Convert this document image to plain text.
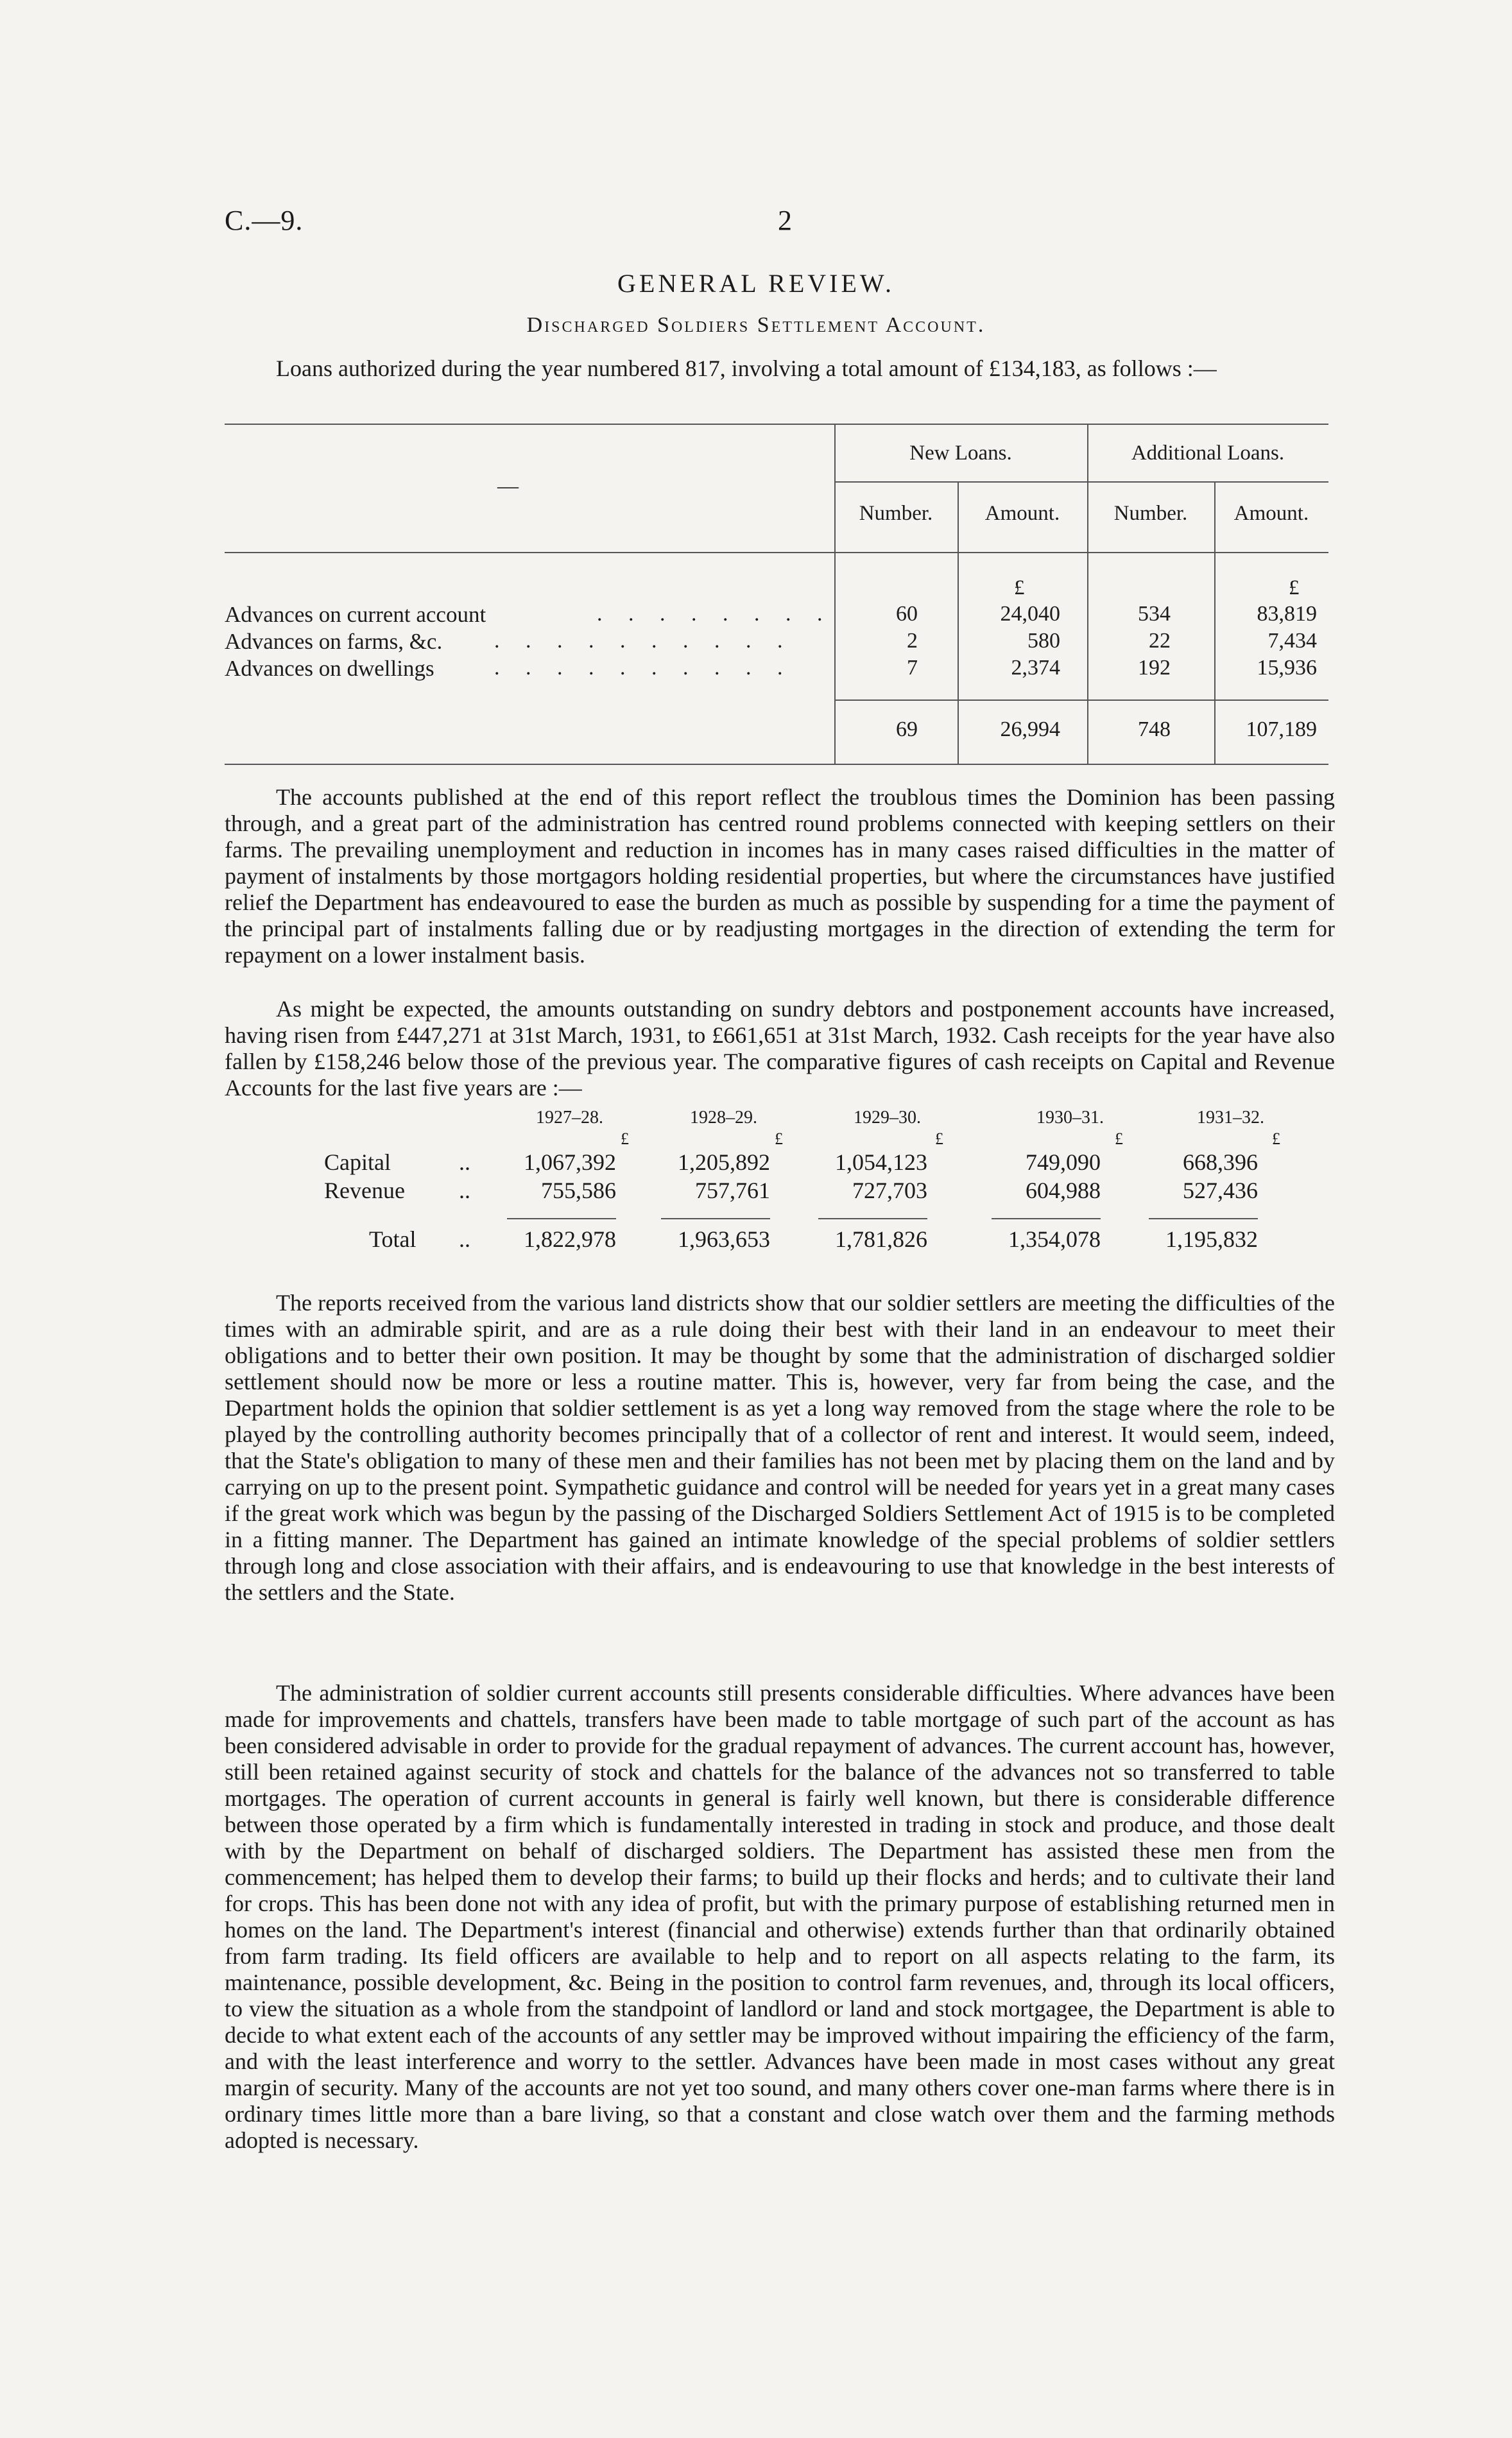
C.—9.	2
GENERAL REVIEW.
Discharged Soldiers Settlement Account.
Loans authorized during the year numbered 817, involving a total amount of £134,183, as follows :—
—
New Loans.	Additional Loans.
Number.	Amount.	Number.	Amount.
£	£
Advances on current account	. . . . . . . .	60	24,040	534	83,819
Advances on farms, &c. . . . . . . . . . .	2	580	22	7,434
Advances on dwellings	. . . . . . . . . .	7	2,374	192	15,936
69	26,994	748	107,189
The accounts published at the end of this report reflect the troublous times the Dominion has been passing through, and a great part of the administration has centred round problems connected with keeping settlers on their farms. The prevailing unemployment and reduction in incomes has in many cases raised difficulties in the matter of payment of instalments by those mortgagors holding residential properties, but where the circumstances have justified relief the Department has endeavoured to ease the burden as much as possible by suspending for a time the payment of the principal part of instalments falling due or by readjusting mortgages in the direction of extending the term for repayment on a lower instalment basis.
As might be expected, the amounts outstanding on sundry debtors and postponement accounts have increased, having risen from £447,271 at 31st March, 1931, to £661,651 at 31st March, 1932. Cash receipts for the year have also fallen by £158,246 below those of the previous year. The comparative figures of cash receipts on Capital and Revenue Accounts for the last five years are :—
1927–28.	1928–29.	1929–30.	1930–31.	1931–32.
£	£	£	£	£
Capital	..	1,067,392	1,205,892	1,054,123	749,090	668,396
Revenue ..	755,586	757,761	727,703	604,988	527,436
Total ..	1,822,978	1,963,653	1,781,826	1,354,078	1,195,832
The reports received from the various land districts show that our soldier settlers are meeting the difficulties of the times with an admirable spirit, and are as a rule doing their best with their land in an endeavour to meet their obligations and to better their own position. It may be thought by some that the administration of discharged soldier settlement should now be more or less a routine matter. This is, however, very far from being the case, and the Department holds the opinion that soldier settlement is as yet a long way removed from the stage where the role to be played by the controlling authority becomes principally that of a collector of rent and interest. It would seem, indeed, that the State's obligation to many of these men and their families has not been met by placing them on the land and by carrying on up to the present point. Sympathetic guidance and control will be needed for years yet in a great many cases if the great work which was begun by the passing of the Discharged Soldiers Settlement Act of 1915 is to be completed in a fitting manner. The Department has gained an intimate knowledge of the special problems of soldier settlers through long and close association with their affairs, and is endeavouring to use that knowledge in the best interests of the settlers and the State.
The administration of soldier current accounts still presents considerable difficulties. Where advances have been made for improvements and chattels, transfers have been made to table mortgage of such part of the account as has been considered advisable in order to provide for the gradual repayment of advances. The current account has, however, still been retained against security of stock and chattels for the balance of the advances not so transferred to table mortgages. The operation of current accounts in general is fairly well known, but there is considerable difference between those operated by a firm which is fundamentally interested in trading in stock and produce, and those dealt with by the Department on behalf of discharged soldiers. The Department has assisted these men from the commencement; has helped them to develop their farms; to build up their flocks and herds; and to cultivate their land for crops. This has been done not with any idea of profit, but with the primary purpose of establishing returned men in homes on the land. The Department's interest (financial and otherwise) extends further than that ordinarily obtained from farm trading. Its field officers are available to help and to report on all aspects relating to the farm, its maintenance, possible development, &c. Being in the position to control farm revenues, and, through its local officers, to view the situation as a whole from the standpoint of landlord or land and stock mortgagee, the Department is able to decide to what extent each of the accounts of any settler may be improved without impairing the efficiency of the farm, and with the least interference and worry to the settler. Advances have been made in most cases without any great margin of security. Many of the accounts are not yet too sound, and many others cover one-man farms where there is in ordinary times little more than a bare living, so that a constant and close watch over them and the farming methods adopted is necessary.
